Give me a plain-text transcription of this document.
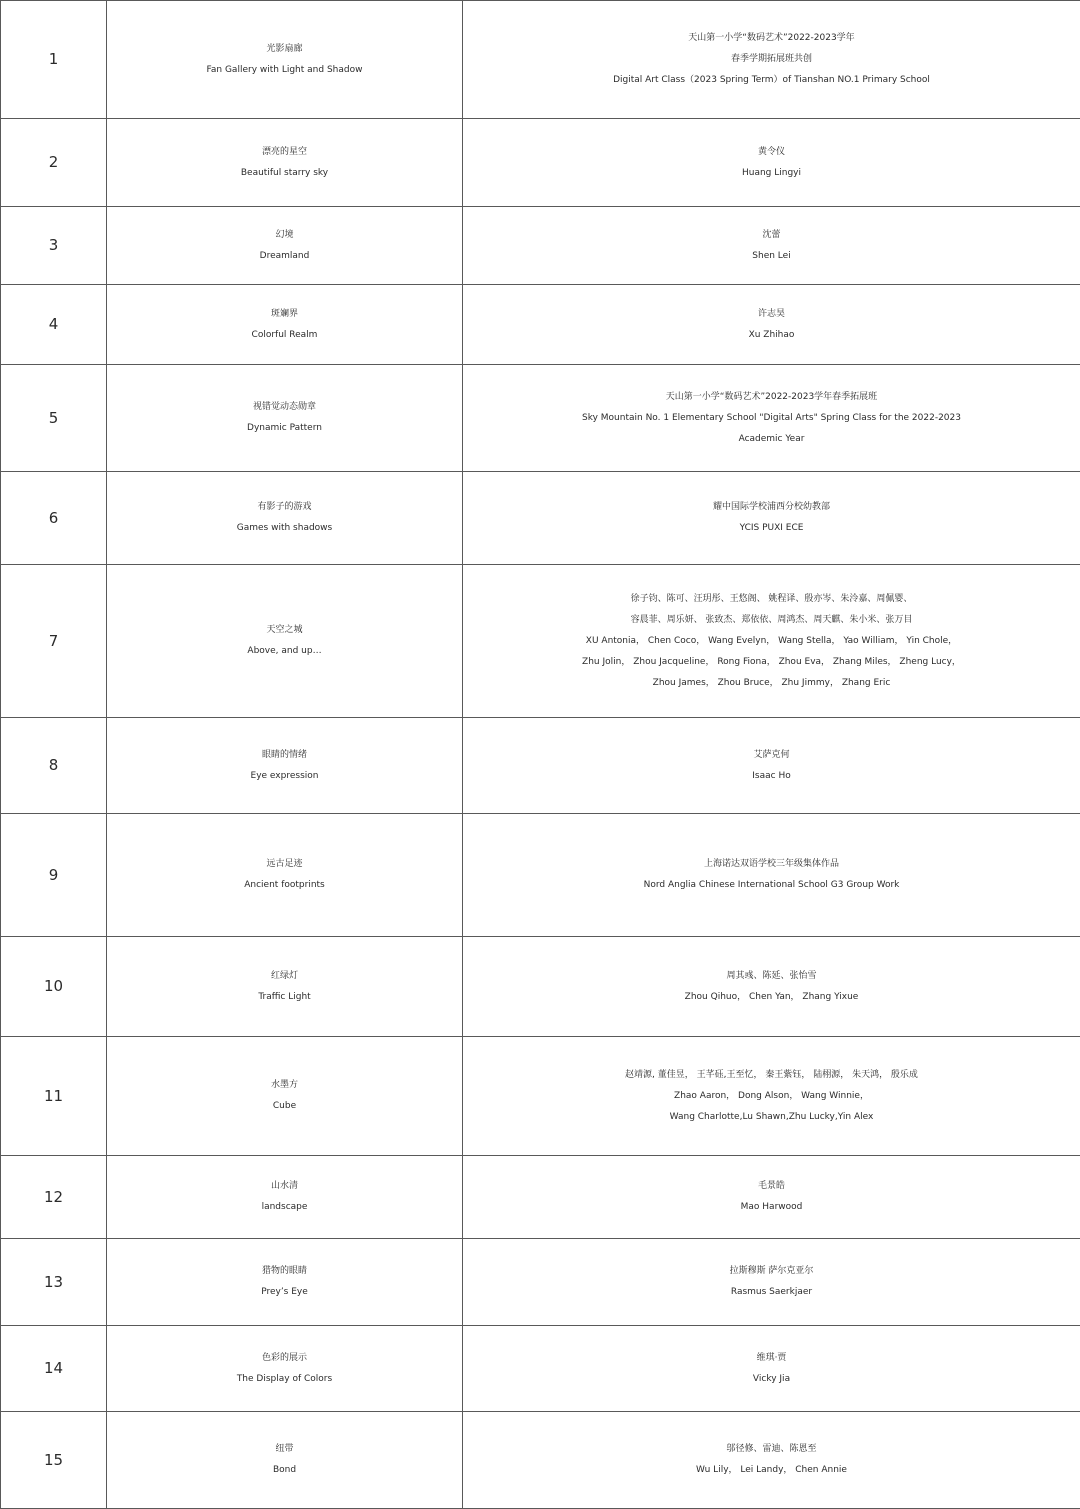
1	光影扇廊
Fan Gallery with Light and Shadow	天山第一小学“数码艺术”2022-2023学年
春季学期拓展班共创
Digital Art Class（2023 Spring Term）of Tianshan NO.1 Primary School

2	漂亮的星空
Beautiful starry sky	黄令仪
Huang Lingyi

3	幻境
Dreamland	沈蕾
Shen Lei

4	斑斓界
Colorful Realm	许志昊
Xu Zhihao

5	视错觉动态勋章
Dynamic Pattern	天山第一小学“数码艺术”2022-2023学年春季拓展班
Sky Mountain No. 1 Elementary School "Digital Arts" Spring Class for the 2022-2023
Academic Year

6	有影子的游戏
Games with shadows	耀中国际学校浦西分校幼教部
YCIS PUXI ECE

7	天空之城
Above, and up…	徐子钧、陈可、汪玥彤、王悠阁、 姚程译、殷亦岑、朱泠嘉、周佩婴、
容晨菲、周乐妍、 张致杰、郑依依、周鸿杰、周天麒、朱小米、张万目
XU Antonia， Chen Coco， Wang Evelyn， Wang Stella， Yao William， Yin Chole，
Zhu Jolin， Zhou Jacqueline， Rong Fiona， Zhou Eva， Zhang Miles， Zheng Lucy，
Zhou James， Zhou Bruce， Zhu Jimmy， Zhang Eric

8	眼睛的情绪
Eye expression	艾萨克何
Isaac Ho

9	远古足迹
Ancient footprints	上海诺达双语学校三年级集体作品
Nord Anglia Chinese International School G3 Group Work

10	红绿灯
Traffic Light	周其彧、陈延、张怡雪
Zhou Qihuo， Chen Yan， Zhang Yixue

11	水墨方
Cube	赵靖源, 董佳昱， 王芊砡,王至忆， 秦王紫钰， 陆栩源， 朱天鸿， 殷乐成
Zhao Aaron， Dong Alson， Wang Winnie，
Wang Charlotte,Lu Shawn,Zhu Lucky,Yin Alex

12	山水清
landscape	毛景皓
Mao Harwood

13	猎物的眼睛
Prey’s Eye	拉斯穆斯 萨尔克亚尔
Rasmus Saerkjaer

14	色彩的展示
The Display of Colors	维琪·贾
Vicky Jia

15	纽带
Bond	邬径修、雷迪、陈恩至
Wu Lily， Lei Landy， Chen Annie
